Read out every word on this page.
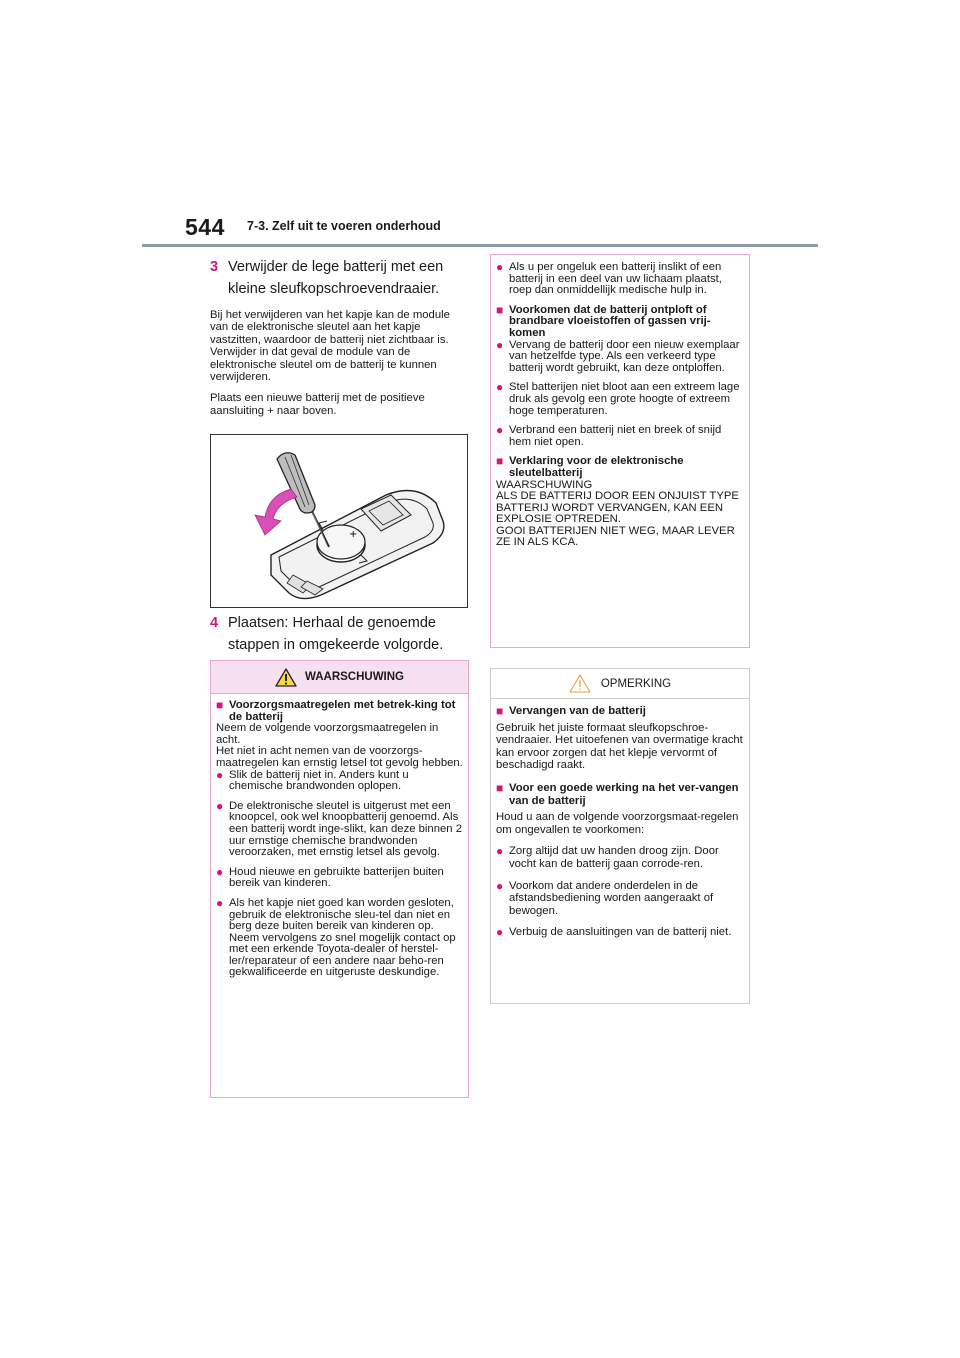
544 7-3. Zelf uit te voeren onderhoud
3 Verwijder de lege batterij met een kleine sleufkopschroevendraaier.
Bij het verwijderen van het kapje kan de module van de elektronische sleutel aan het kapje vastzitten, waardoor de batterij niet zichtbaar is. Verwijder in dat geval de module van de elektronische sleutel om de batterij te kunnen verwijderen.
Plaats een nieuwe batterij met de positieve aansluiting + naar boven.
+
4 Plaatsen: Herhaal de genoemde stappen in omgekeerde volgorde.
WAARSCHUWING
■ Voorzorgsmaatregelen met betrek-king tot de batterij
Neem de volgende voorzorgsmaatregelen in acht.
Het niet in acht nemen van de voorzorgs-maatregelen kan ernstig letsel tot gevolg hebben.
● Slik de batterij niet in. Anders kunt u chemische brandwonden oplopen.
● De elektronische sleutel is uitgerust met een knoopcel, ook wel knoopbatterij genoemd. Als een batterij wordt inge-slikt, kan deze binnen 2 uur ernstige chemische brandwonden veroorzaken, met ernstig letsel als gevolg.
● Houd nieuwe en gebruikte batterijen buiten bereik van kinderen.
● Als het kapje niet goed kan worden gesloten, gebruik de elektronische sleu-tel dan niet en berg deze buiten bereik van kinderen op. Neem vervolgens zo snel mogelijk contact op met een erkende Toyota-dealer of herstel-ler/reparateur of een andere naar beho-ren gekwalificeerde en uitgeruste deskundige.
● Als u per ongeluk een batterij inslikt of een batterij in een deel van uw lichaam plaatst, roep dan onmiddellijk medische hulp in.
■ Voorkomen dat de batterij ontploft of brandbare vloeistoffen of gassen vrij-komen
● Vervang de batterij door een nieuw exemplaar van hetzelfde type. Als een verkeerd type batterij wordt gebruikt, kan deze ontploffen.
● Stel batterijen niet bloot aan een extreem lage druk als gevolg een grote hoogte of extreem hoge temperaturen.
● Verbrand een batterij niet en breek of snijd hem niet open.
■ Verklaring voor de elektronische sleutelbatterij
WAARSCHUWING
ALS DE BATTERIJ DOOR EEN ONJUIST TYPE BATTERIJ WORDT VERVANGEN, KAN EEN EXPLOSIE OPTREDEN.
GOOI BATTERIJEN NIET WEG, MAAR LEVER ZE IN ALS KCA.
OPMERKING
■ Vervangen van de batterij
Gebruik het juiste formaat sleufkopschroe-vendraaier. Het uitoefenen van overmatige kracht kan ervoor zorgen dat het klepje vervormt of beschadigd raakt.
■ Voor een goede werking na het ver-vangen van de batterij
Houd u aan de volgende voorzorgsmaat-regelen om ongevallen te voorkomen:
● Zorg altijd dat uw handen droog zijn. Door vocht kan de batterij gaan corrode-ren.
● Voorkom dat andere onderdelen in de afstandsbediening worden aangeraakt of bewogen.
● Verbuig de aansluitingen van de batterij niet.
